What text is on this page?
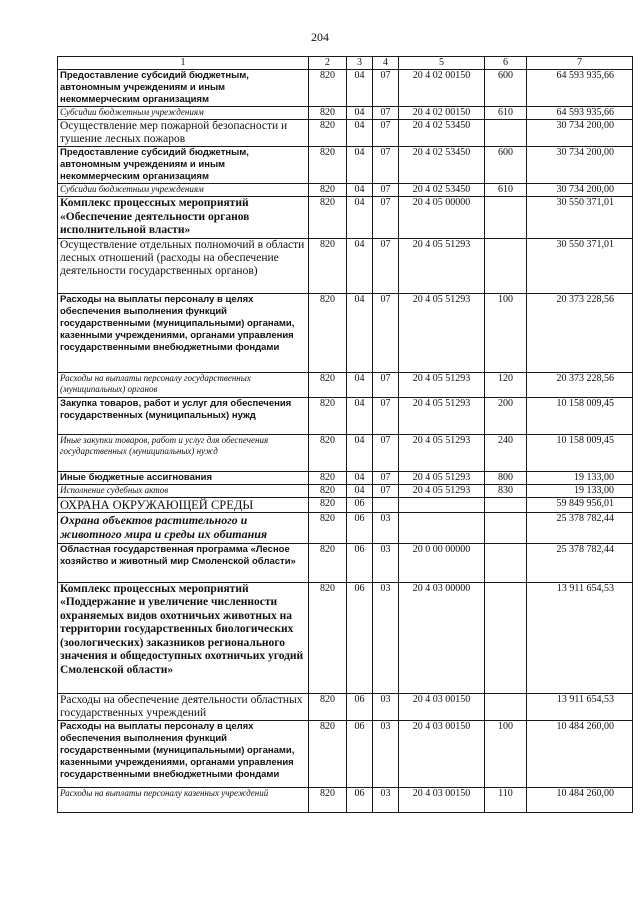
204
1	2	3	4	5	6	7
Предоставление субсидий бюджетным, автономным учреждениям и иным некоммерческим организациям	820	04	07	20 4 02 00150	600	64 593 935,66
Субсидии бюджетным учреждениям	820	04	07	20 4 02 00150	610	64 593 935,66
Осуществление мер пожарной безопасности и тушение лесных пожаров	820	04	07	20 4 02 53450		30 734 200,00
Предоставление субсидий бюджетным, автономным учреждениям и иным некоммерческим организациям	820	04	07	20 4 02 53450	600	30 734 200,00
Субсидии бюджетным учреждениям	820	04	07	20 4 02 53450	610	30 734 200,00
Комплекс процессных мероприятий «Обеспечение деятельности органов исполнительной власти»	820	04	07	20 4 05 00000		30 550 371,01
Осуществление отдельных полномочий в области лесных отношений (расходы на обеспечение деятельности государственных органов)	820	04	07	20 4 05 51293		30 550 371,01
Расходы на выплаты персоналу в целях обеспечения выполнения функций государственными (муниципальными) органами, казенными учреждениями, органами управления государственными внебюджетными фондами	820	04	07	20 4 05 51293	100	20 373 228,56
Расходы на выплаты персоналу государственных (муниципальных) органов	820	04	07	20 4 05 51293	120	20 373 228,56
Закупка товаров, работ и услуг для обеспечения государственных (муниципальных) нужд	820	04	07	20 4 05 51293	200	10 158 009,45
Иные закупки товаров, работ и услуг для обеспечения государственных (муниципальных) нужд	820	04	07	20 4 05 51293	240	10 158 009,45
Иные бюджетные ассигнования	820	04	07	20 4 05 51293	800	19 133,00
Исполнение судебных актов	820	04	07	20 4 05 51293	830	19 133,00
ОХРАНА ОКРУЖАЮЩЕЙ СРЕДЫ	820	06				59 849 956,01
Охрана объектов растительного и животного мира и среды их обитания	820	06	03			25 378 782,44
Областная государственная программа «Лесное хозяйство и животный мир Смоленской области»	820	06	03	20 0 00 00000		25 378 782,44
Комплекс процессных мероприятий «Поддержание и увеличение численности охраняемых видов охотничьих животных на территории государственных биологических (зоологических) заказников регионального значения и общедоступных охотничьих угодий Смоленской области»	820	06	03	20 4 03 00000		13 911 654,53
Расходы на обеспечение деятельности областных государственных учреждений	820	06	03	20 4 03 00150		13 911 654,53
Расходы на выплаты персоналу в целях обеспечения выполнения функций государственными (муниципальными) органами, казенными учреждениями, органами управления государственными внебюджетными фондами	820	06	03	20 4 03 00150	100	10 484 260,00
Расходы на выплаты персоналу казенных учреждений	820	06	03	20 4 03 00150	110	10 484 260,00
